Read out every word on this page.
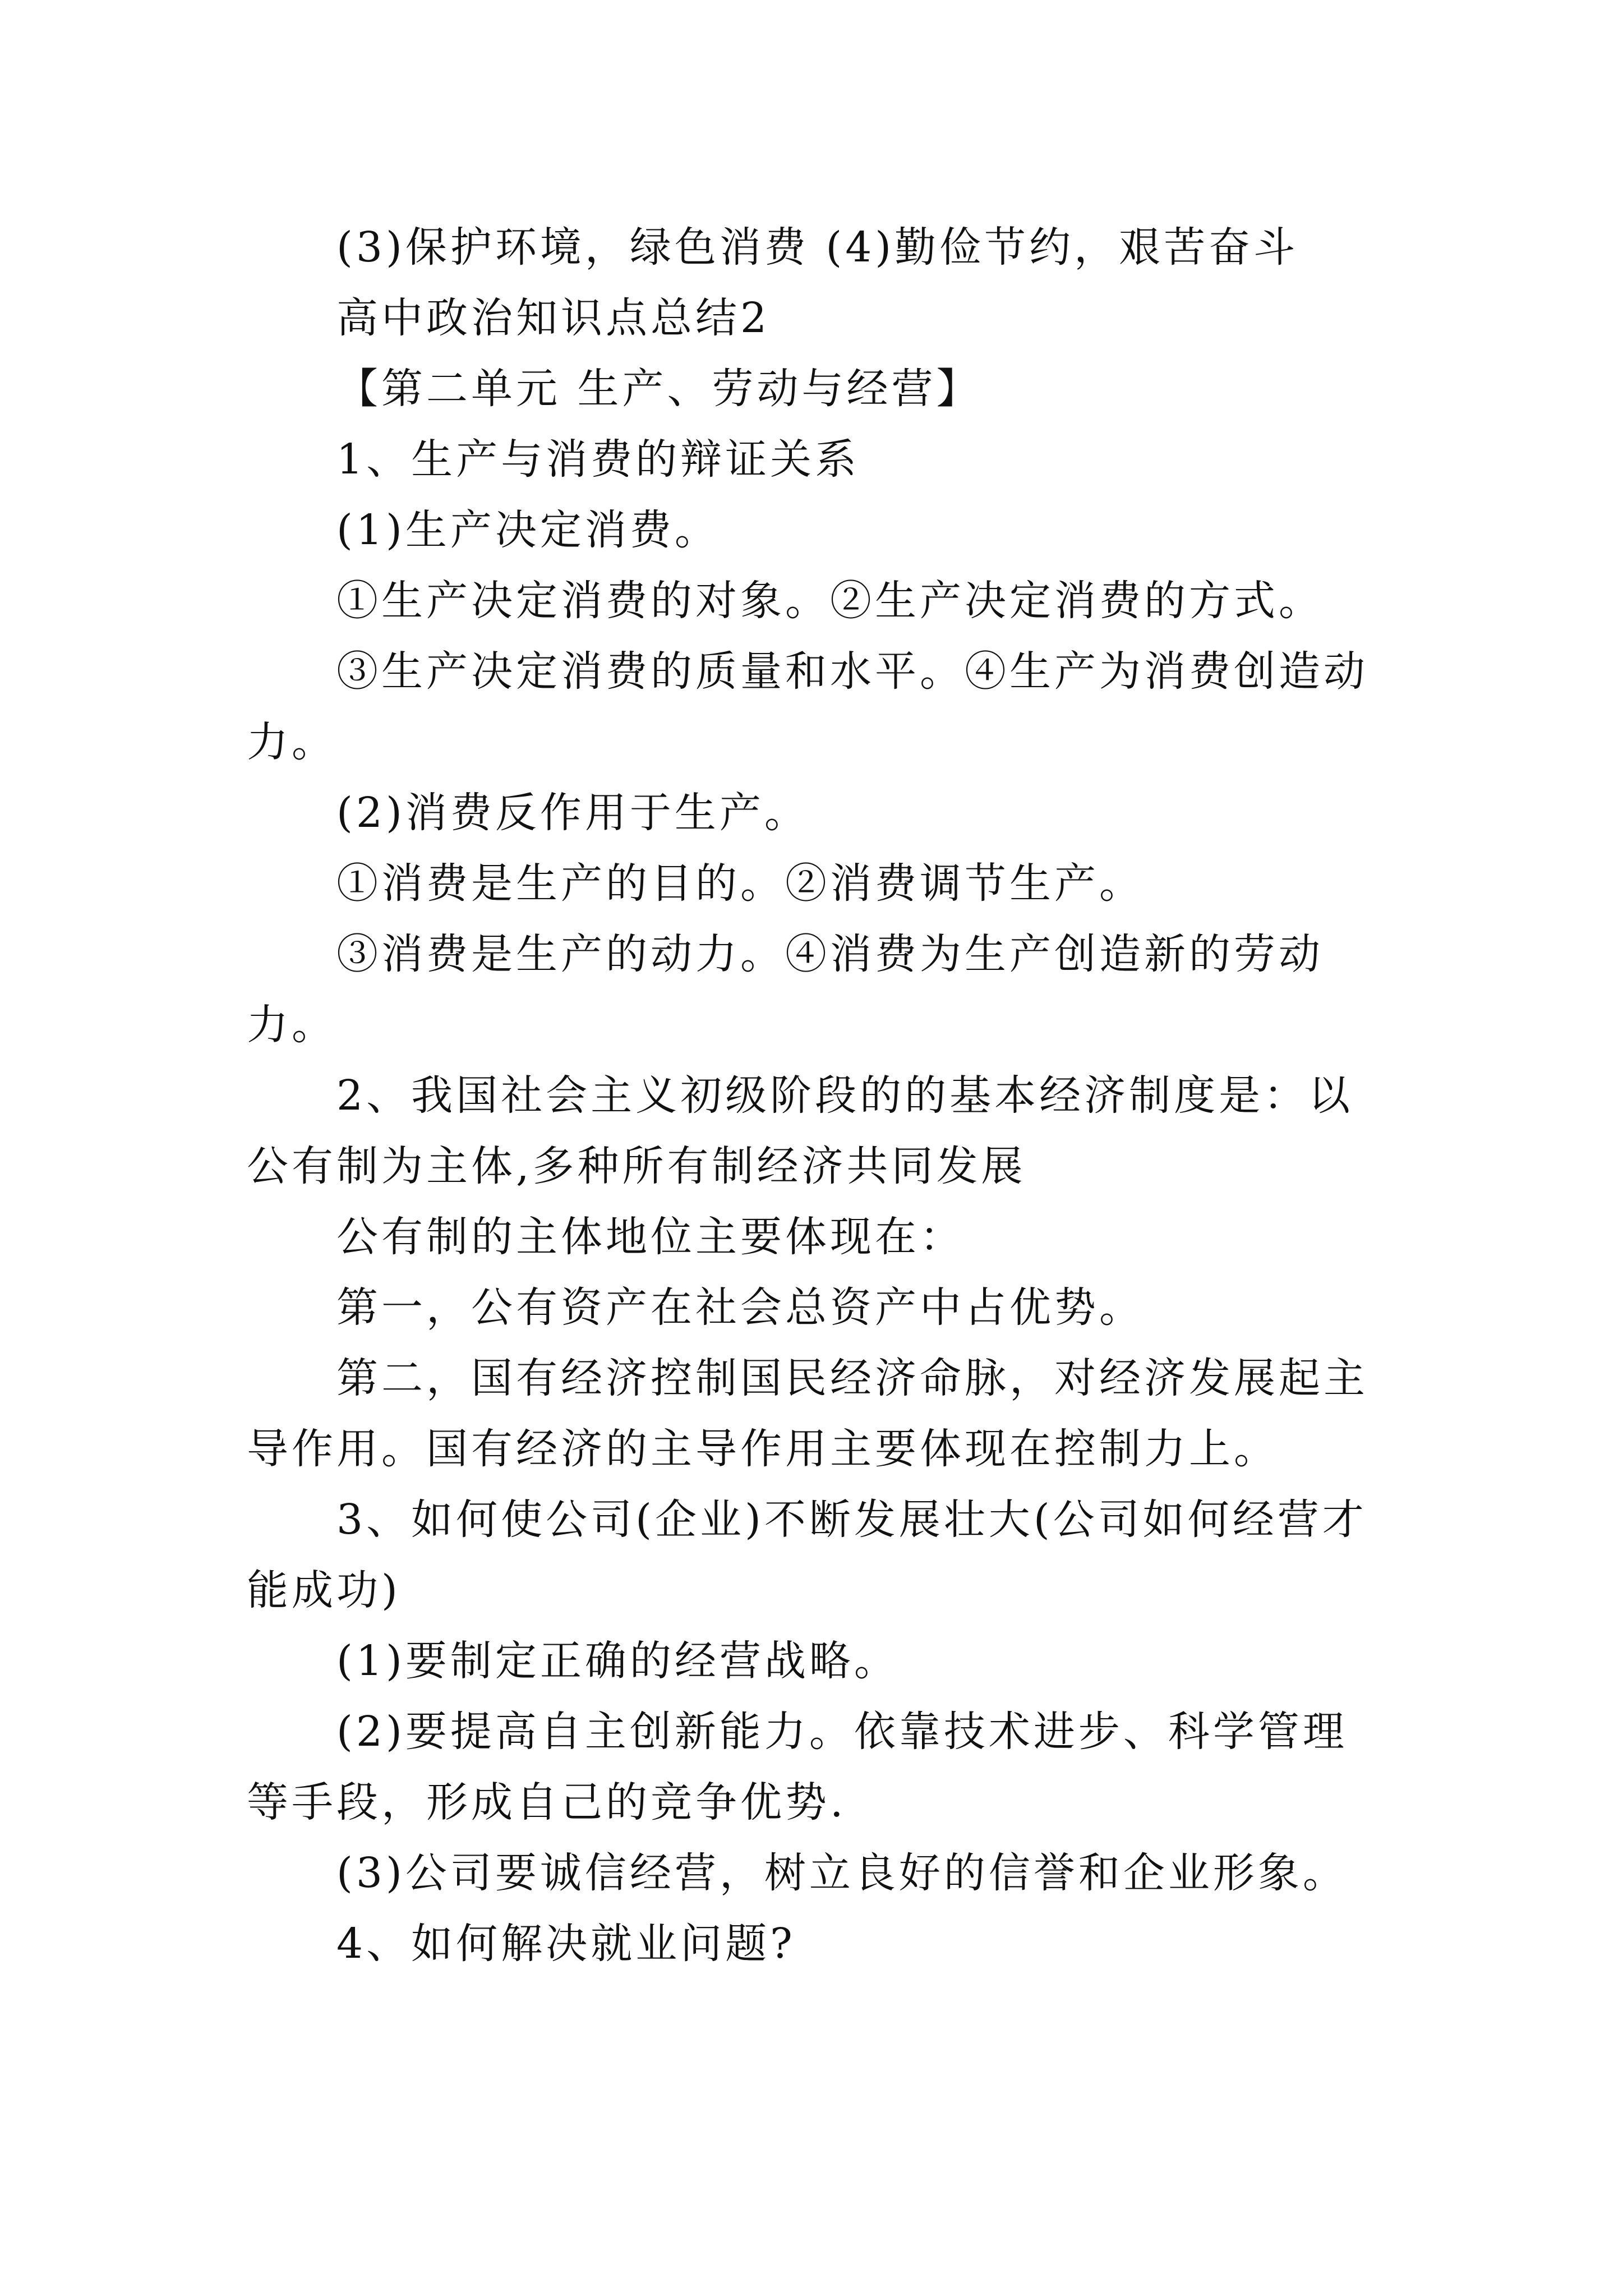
(3)保护环境，绿色消费 (4)勤俭节约，艰苦奋斗

高中政治知识点总结2

【第二单元 生产、劳动与经营】

1、生产与消费的辩证关系

(1)生产决定消费。

①生产决定消费的对象。②生产决定消费的方式。

③生产决定消费的质量和水平。④生产为消费创造动力。

(2)消费反作用于生产。

①消费是生产的目的。②消费调节生产。

③消费是生产的动力。④消费为生产创造新的劳动力。

2、我国社会主义初级阶段的的基本经济制度是：以公有制为主体,多种所有制经济共同发展

公有制的主体地位主要体现在：

第一，公有资产在社会总资产中占优势。

第二，国有经济控制国民经济命脉，对经济发展起主导作用。国有经济的主导作用主要体现在控制力上。

3、如何使公司(企业)不断发展壮大(公司如何经营才能成功)

(1)要制定正确的经营战略。

(2)要提高自主创新能力。依靠技术进步、科学管理等手段，形成自己的竞争优势.

(3)公司要诚信经营，树立良好的信誉和企业形象。

4、如何解决就业问题?
